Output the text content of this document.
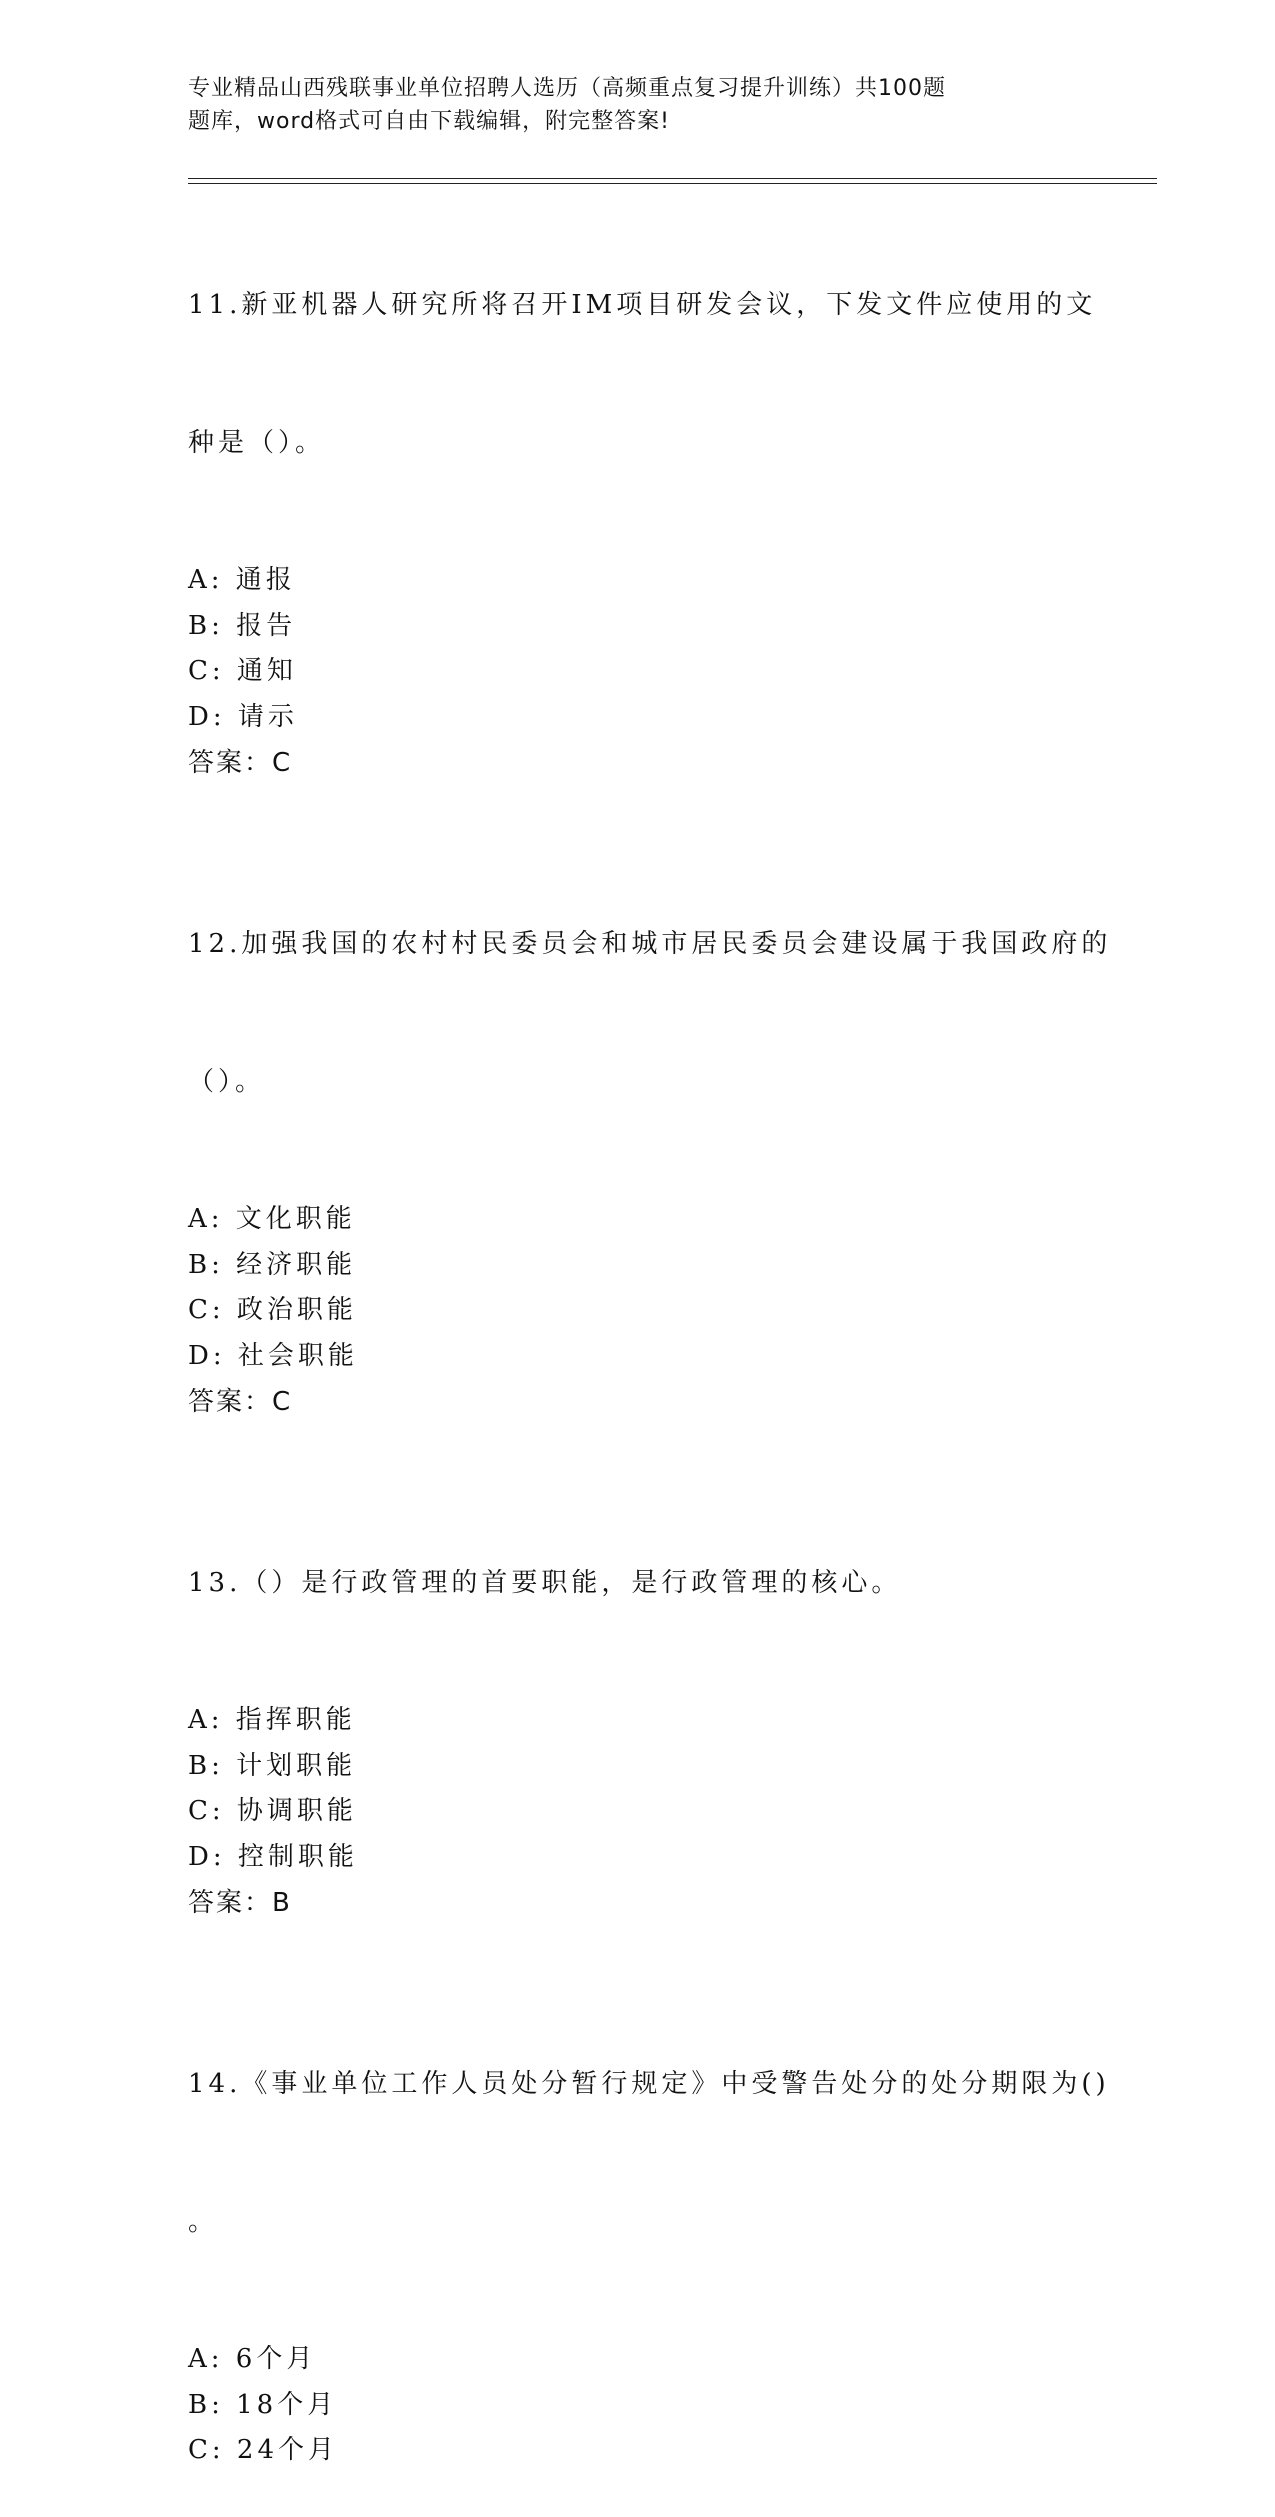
专业精品山西残联事业单位招聘人选历（高频重点复习提升训练）共100题
题库，word格式可自由下载编辑，附完整答案!

11.新亚机器人研究所将召开IM项目研发会议，下发文件应使用的文

种是（）。

A: 通报
B: 报告
C: 通知
D: 请示
答案：C

12.加强我国的农村村民委员会和城市居民委员会建设属于我国政府的

（）。

A: 文化职能
B: 经济职能
C: 政治职能
D: 社会职能
答案：C

13.（）是行政管理的首要职能，是行政管理的核心。

A: 指挥职能
B: 计划职能
C: 协调职能
D: 控制职能
答案：B

14.《事业单位工作人员处分暂行规定》中受警告处分的处分期限为()

。

A: 6个月
B: 18个月
C: 24个月
